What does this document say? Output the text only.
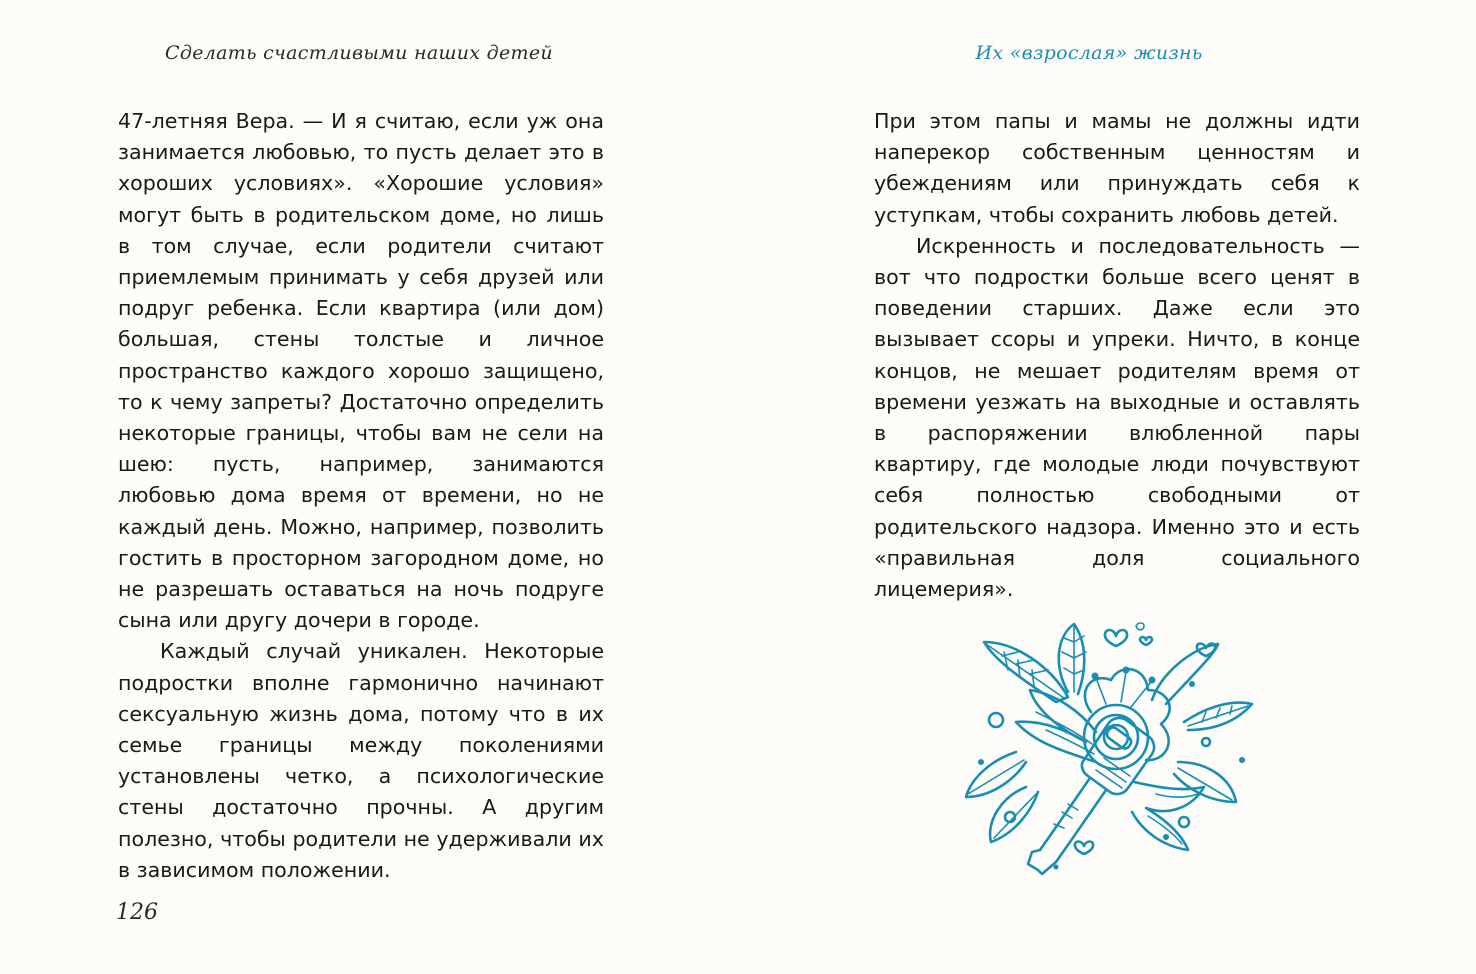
Сделать счастливыми наших детей

47-летняя Вера. — И я считаю, если уж она занимается любовью, то пусть делает это в хороших условиях». «Хорошие условия» могут быть в родительском доме, но лишь в том случае, если родители считают приемлемым принимать у себя друзей или подруг ребенка. Если квартира (или дом) большая, стены толстые и личное пространство каждого хорошо защищено, то к чему запреты? Достаточно определить некоторые границы, чтобы вам не сели на шею: пусть, например, занимаются любовью дома время от времени, но не каждый день. Можно, например, позволить гостить в просторном загородном доме, но не разрешать оставаться на ночь подруге сына или другу дочери в городе.

Каждый случай уникален. Некоторые подростки вполне гармонично начинают сексуальную жизнь дома, потому что в их семье границы между поколениями установлены четко, а психологические стены достаточно прочны. А другим полезно, чтобы родители не удерживали их в зависимом положении.

126
Их «взрослая» жизнь

При этом папы и мамы не должны идти наперекор собственным ценностям и убеждениям или принуждать себя к уступкам, чтобы сохранить любовь детей.

Искренность и последовательность — вот что подростки больше всего ценят в поведении старших. Даже если это вызывает ссоры и упреки. Ничто, в конце концов, не мешает родителям время от времени уезжать на выходные и оставлять в распоряжении влюбленной пары квартиру, где молодые люди почувствуют себя полностью свободными от родительского надзора. Именно это и есть «правильная доля социального лицемерия».
